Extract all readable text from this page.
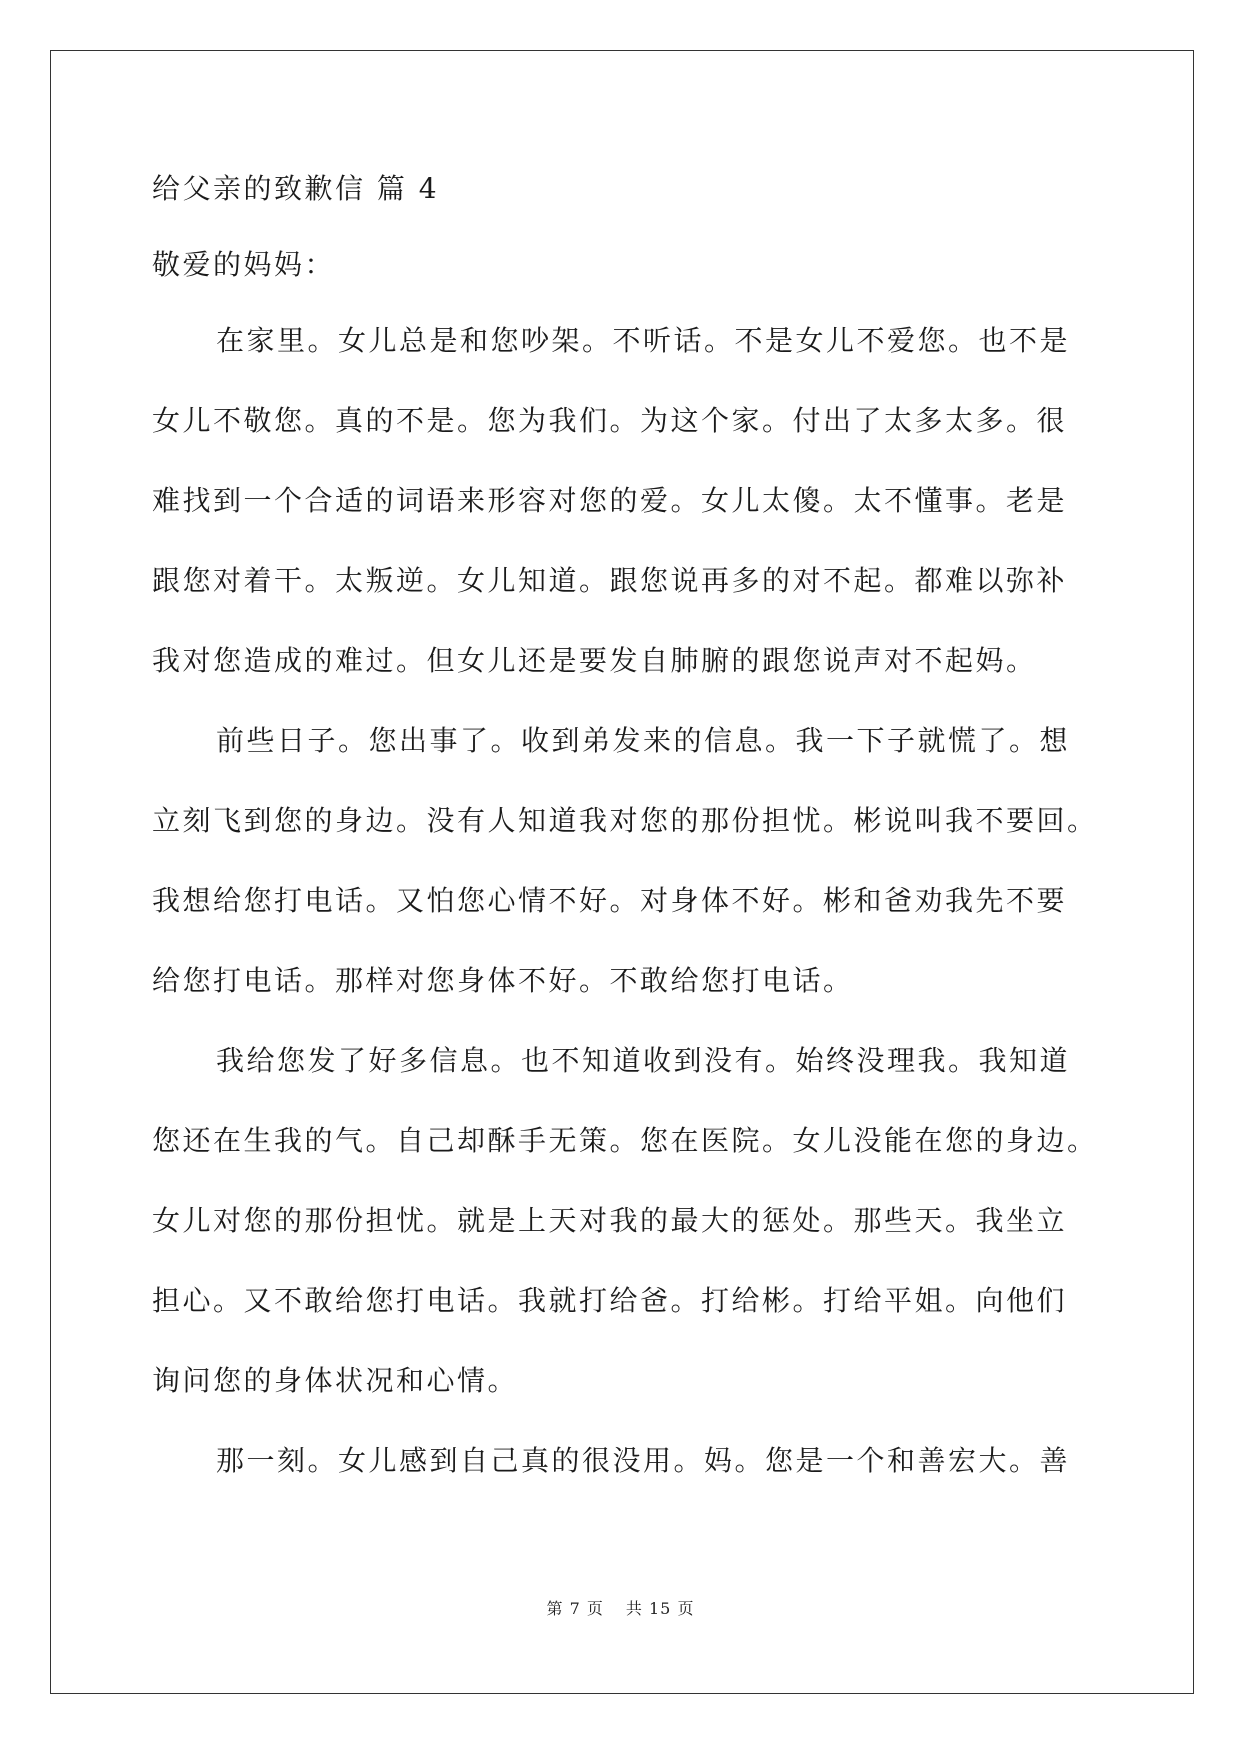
给父亲的致歉信 篇 4
敬爱的妈妈：
在家里。女儿总是和您吵架。不听话。不是女儿不爱您。也不是
女儿不敬您。真的不是。您为我们。为这个家。付出了太多太多。很
难找到一个合适的词语来形容对您的爱。女儿太傻。太不懂事。老是
跟您对着干。太叛逆。女儿知道。跟您说再多的对不起。都难以弥补
我对您造成的难过。但女儿还是要发自肺腑的跟您说声对不起妈。
前些日子。您出事了。收到弟发来的信息。我一下子就慌了。想
立刻飞到您的身边。没有人知道我对您的那份担忧。彬说叫我不要回。
我想给您打电话。又怕您心情不好。对身体不好。彬和爸劝我先不要
给您打电话。那样对您身体不好。不敢给您打电话。
我给您发了好多信息。也不知道收到没有。始终没理我。我知道
您还在生我的气。自己却酥手无策。您在医院。女儿没能在您的身边。
女儿对您的那份担忧。就是上天对我的最大的惩处。那些天。我坐立
担心。又不敢给您打电话。我就打给爸。打给彬。打给平姐。向他们
询问您的身体状况和心情。
那一刻。女儿感到自己真的很没用。妈。您是一个和善宏大。善
第 7 页 共 15 页
